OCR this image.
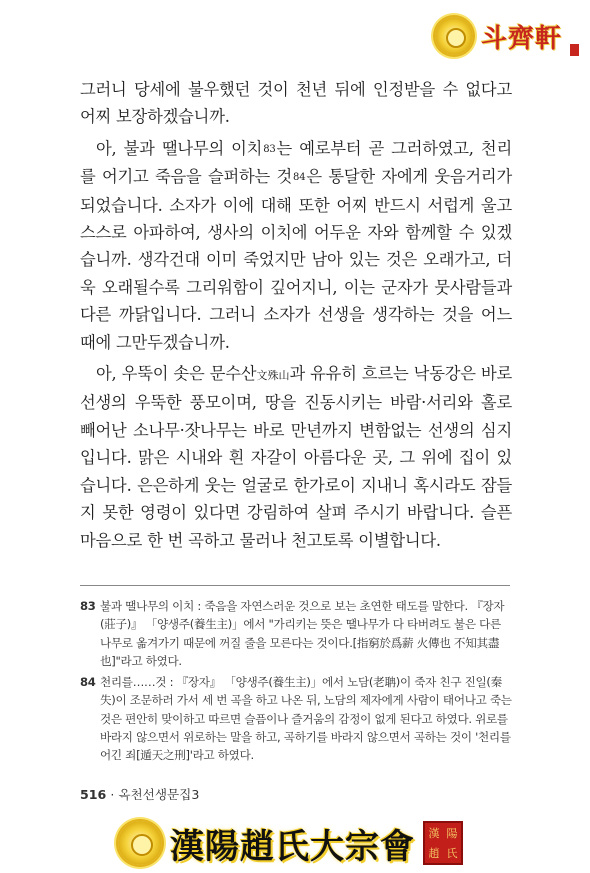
斗齊軒

그러니 당세에 불우했던 것이 천년 뒤에 인정받을 수 없다고 어찌 보장하겠습니까.

아, 불과 땔나무의 이치$^{83}$는 예로부터 곧 그러하였고, 천리를 어기고 죽음을 슬퍼하는 것$^{84}$은 통달한 자에게 웃음거리가 되었습니다. 소자가 이에 대해 또한 어찌 반드시 서럽게 울고 스스로 아파하여, 생사의 이치에 어두운 자와 함께할 수 있겠습니까. 생각건대 이미 죽었지만 남아 있는 것은 오래가고, 더욱 오래될수록 그리워함이 깊어지니, 이는 군자가 뭇사람들과 다른 까닭입니다. 그러니 소자가 선생을 생각하는 것을 어느 때에 그만두겠습니까.

아, 우뚝이 솟은 문수산文殊山과 유유히 흐르는 낙동강은 바로 선생의 우뚝한 풍모이며, 땅을 진동시키는 바람·서리와 홀로 빼어난 소나무·잣나무는 바로 만년까지 변함없는 선생의 심지입니다. 맑은 시내와 흰 자갈이 아름다운 곳, 그 위에 집이 있습니다. 은은하게 웃는 얼굴로 한가로이 지내니 혹시라도 잠들지 못한 영령이 있다면 강림하여 살펴 주시기 바랍니다. 슬픈 마음으로 한 번 곡하고 물러나 천고토록 이별합니다.

83 불과 땔나무의 이치 : 죽음을 자연스러운 것으로 보는 초연한 태도를 말한다. 『장자(莊子)』 「양생주(養生主)」에서 "가리키는 뜻은 땔나무가 다 타버려도 불은 다른 나무로 옮겨가기 때문에 꺼질 줄을 모른다는 것이다.[指窮於爲薪 火傳也 不知其盡也]"라고 하였다.
84 천리를……것 : 『장자』 「양생주(養生主)」에서 노담(老聃)이 죽자 친구 진일(秦失)이 조문하러 가서 세 번 곡을 하고 나온 뒤, 노담의 제자에게 사람이 태어나고 죽는 것은 편안히 맞이하고 따르면 슬픔이나 즐거움의 감정이 없게 된다고 하였다. 위로를 바라지 않으면서 위로하는 말을 하고, 곡하기를 바라지 않으면서 곡하는 것이 '천리를 어긴 죄[遁天之刑]'라고 하였다.
516 · 옥천선생문집3
漢陽趙氏大宗會 漢 陽
趙 氏
